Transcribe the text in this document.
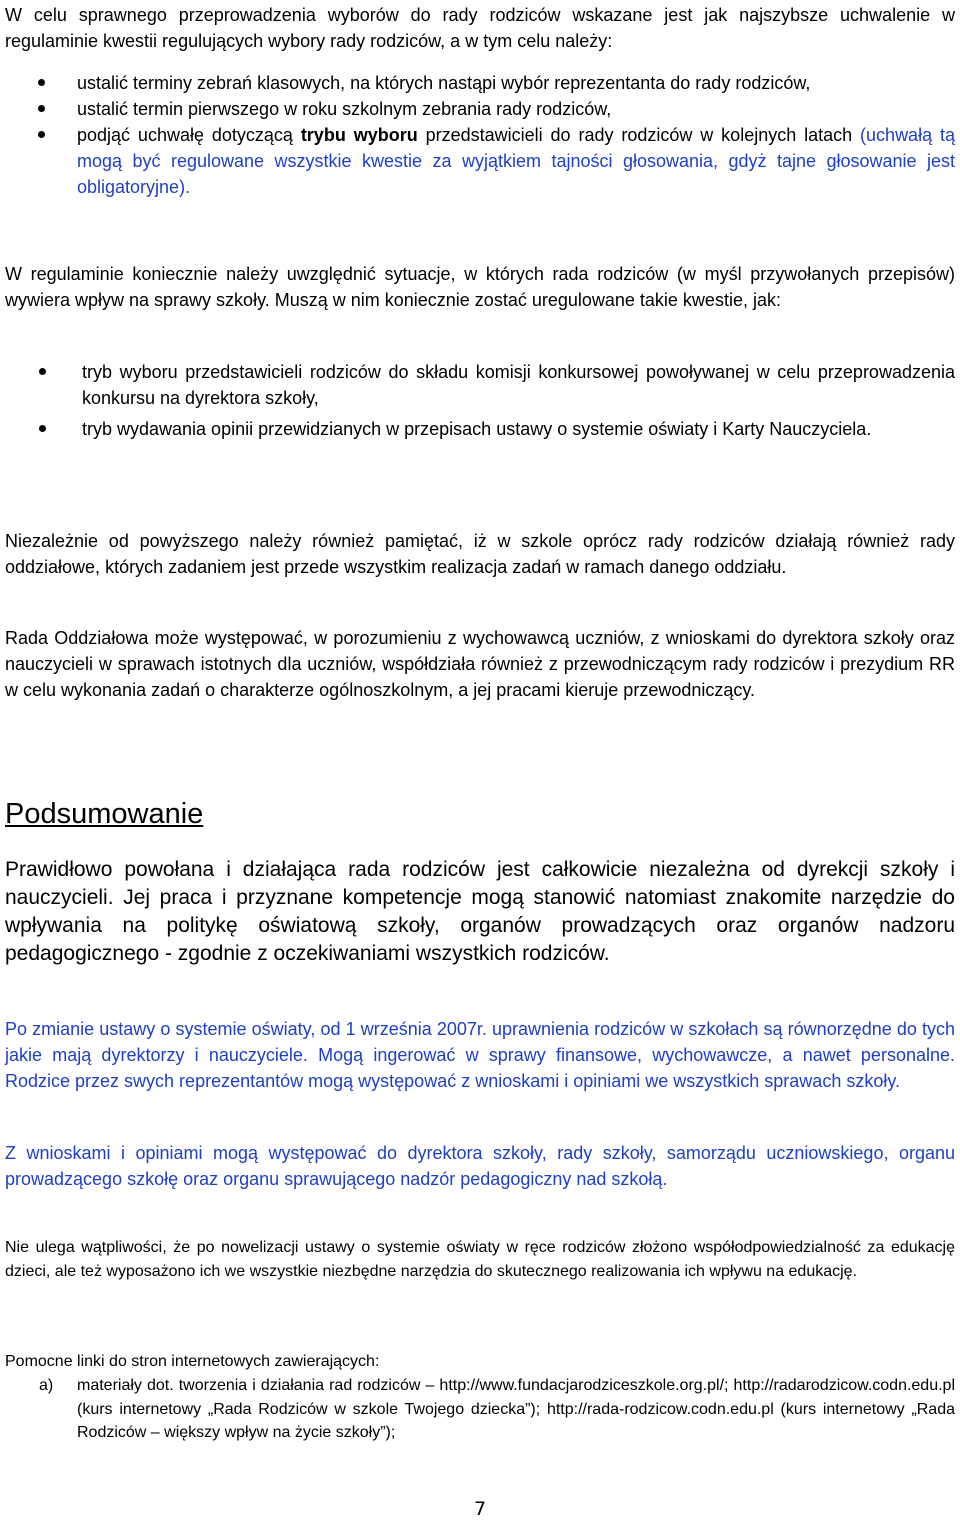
W celu sprawnego przeprowadzenia wyborów do rady rodziców wskazane jest jak najszybsze uchwalenie w regulaminie kwestii regulujących wybory rady rodziców, a w tym celu należy:

ustalić terminy zebrań klasowych, na których nastąpi wybór reprezentanta do rady rodziców,
ustalić termin pierwszego w roku szkolnym zebrania rady rodziców,
podjąć uchwałę dotyczącą trybu wyboru przedstawicieli do rady rodziców w kolejnych latach (uchwałą tą mogą być regulowane wszystkie kwestie za wyjątkiem tajności głosowania, gdyż tajne głosowanie jest obligatoryjne).

W regulaminie koniecznie należy uwzględnić sytuacje, w których rada rodziców (w myśl przywołanych przepisów) wywiera wpływ na sprawy szkoły. Muszą w nim koniecznie zostać uregulowane takie kwestie, jak:

tryb wyboru przedstawicieli rodziców do składu komisji konkursowej powoływanej w celu przeprowadzenia konkursu na dyrektora szkoły,
tryb wydawania opinii przewidzianych w przepisach ustawy o systemie oświaty i Karty Nauczyciela.

Niezależnie od powyższego należy również pamiętać, iż w szkole oprócz rady rodziców działają również rady oddziałowe, których zadaniem jest przede wszystkim realizacja zadań w ramach danego oddziału.

Rada Oddziałowa może występować, w porozumieniu z wychowawcą uczniów, z wnioskami do dyrektora szkoły oraz nauczycieli w sprawach istotnych dla uczniów, współdziała również z przewodniczącym rady rodziców i prezydium RR w celu wykonania zadań o charakterze ogólnoszkolnym, a jej pracami kieruje przewodniczący.

Podsumowanie

Prawidłowo powołana i działająca rada rodziców jest całkowicie niezależna od dyrekcji szkoły i nauczycieli. Jej praca i przyznane kompetencje mogą stanowić natomiast znakomite narzędzie do wpływania na politykę oświatową szkoły, organów prowadzących oraz organów nadzoru pedagogicznego - zgodnie z oczekiwaniami wszystkich rodziców.

Po zmianie ustawy o systemie oświaty, od 1 września 2007r. uprawnienia rodziców w szkołach są równorzędne do tych jakie mają dyrektorzy i nauczyciele. Mogą ingerować w sprawy finansowe, wychowawcze, a nawet personalne. Rodzice przez swych reprezentantów mogą występować z wnioskami i opiniami we wszystkich sprawach szkoły.

Z wnioskami i opiniami mogą występować do dyrektora szkoły, rady szkoły, samorządu uczniowskiego, organu prowadzącego szkołę oraz organu sprawującego nadzór pedagogiczny nad szkołą.

Nie ulega wątpliwości, że po nowelizacji ustawy o systemie oświaty w ręce rodziców złożono współodpowiedzialność za edukację dzieci, ale też wyposażono ich we wszystkie niezbędne narzędzia do skutecznego realizowania ich wpływu na edukację.

Pomocne linki do stron internetowych zawierających:

a) materiały dot. tworzenia i działania rad rodziców – http://www.fundacjarodziceszkole.org.pl/; http://radarodzicow.codn.edu.pl (kurs internetowy „Rada Rodziców w szkole Twojego dziecka”); http://rada-rodzicow.codn.edu.pl (kurs internetowy „Rada Rodziców – większy wpływ na życie szkoły”);
7
